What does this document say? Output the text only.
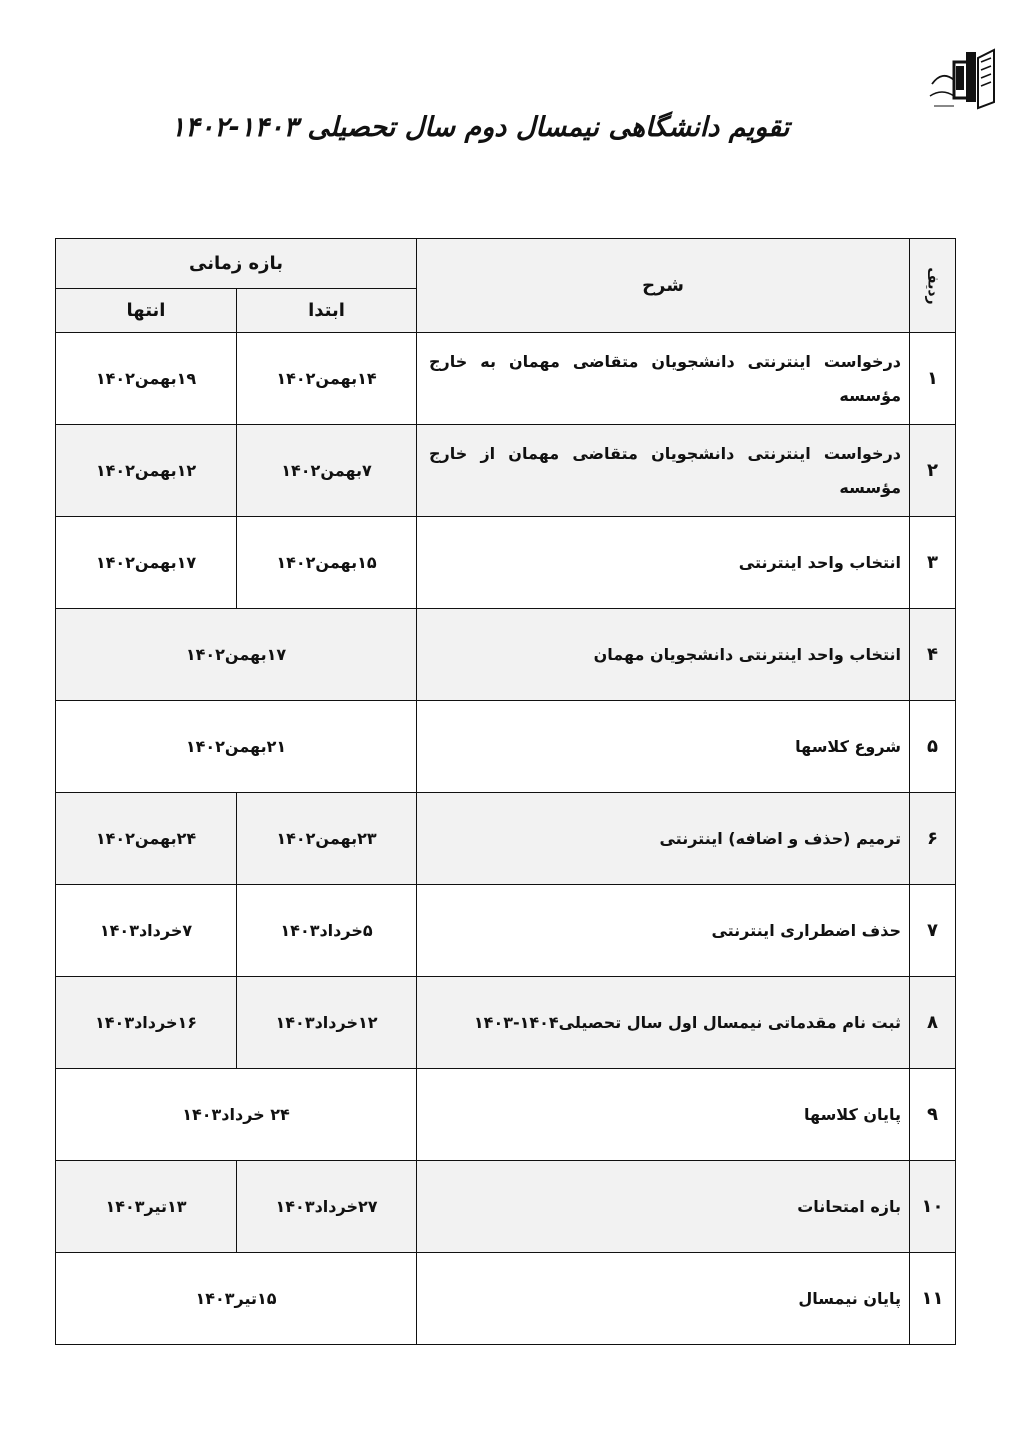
تقویم دانشگاهی نیمسال دوم سال تحصیلی ۱۴۰۳-۱۴۰۲
ردیف	شرح	بازه زمانی	
		ابتدا	انتها
۱	درخواست اینترنتی دانشجویان متقاضی مهمان به خارج مؤسسه	۱۴بهمن۱۴۰۲	۱۹بهمن۱۴۰۲
۲	درخواست اینترنتی دانشجویان متقاضی مهمان از خارج مؤسسه	۷بهمن۱۴۰۲	۱۲بهمن۱۴۰۲
۳	انتخاب واحد اینترنتی	۱۵بهمن۱۴۰۲	۱۷بهمن۱۴۰۲
۴	انتخاب واحد اینترنتی دانشجویان مهمان	۱۷بهمن۱۴۰۲	
۵	شروع کلاسها	۲۱بهمن۱۴۰۲	
۶	ترمیم (حذف و اضافه) اینترنتی	۲۳بهمن۱۴۰۲	۲۴بهمن۱۴۰۲
۷	حذف اضطراری اینترنتی	۵خرداد۱۴۰۳	۷خرداد۱۴۰۳
۸	ثبت نام مقدماتی نیمسال اول سال تحصیلی۱۴۰۴-۱۴۰۳	۱۲خرداد۱۴۰۳	۱۶خرداد۱۴۰۳
۹	پایان کلاسها	۲۴ خرداد۱۴۰۳	
۱۰	بازه امتحانات	۲۷خرداد۱۴۰۳	۱۳تیر۱۴۰۳
۱۱	پایان نیمسال	۱۵تیر۱۴۰۳	
